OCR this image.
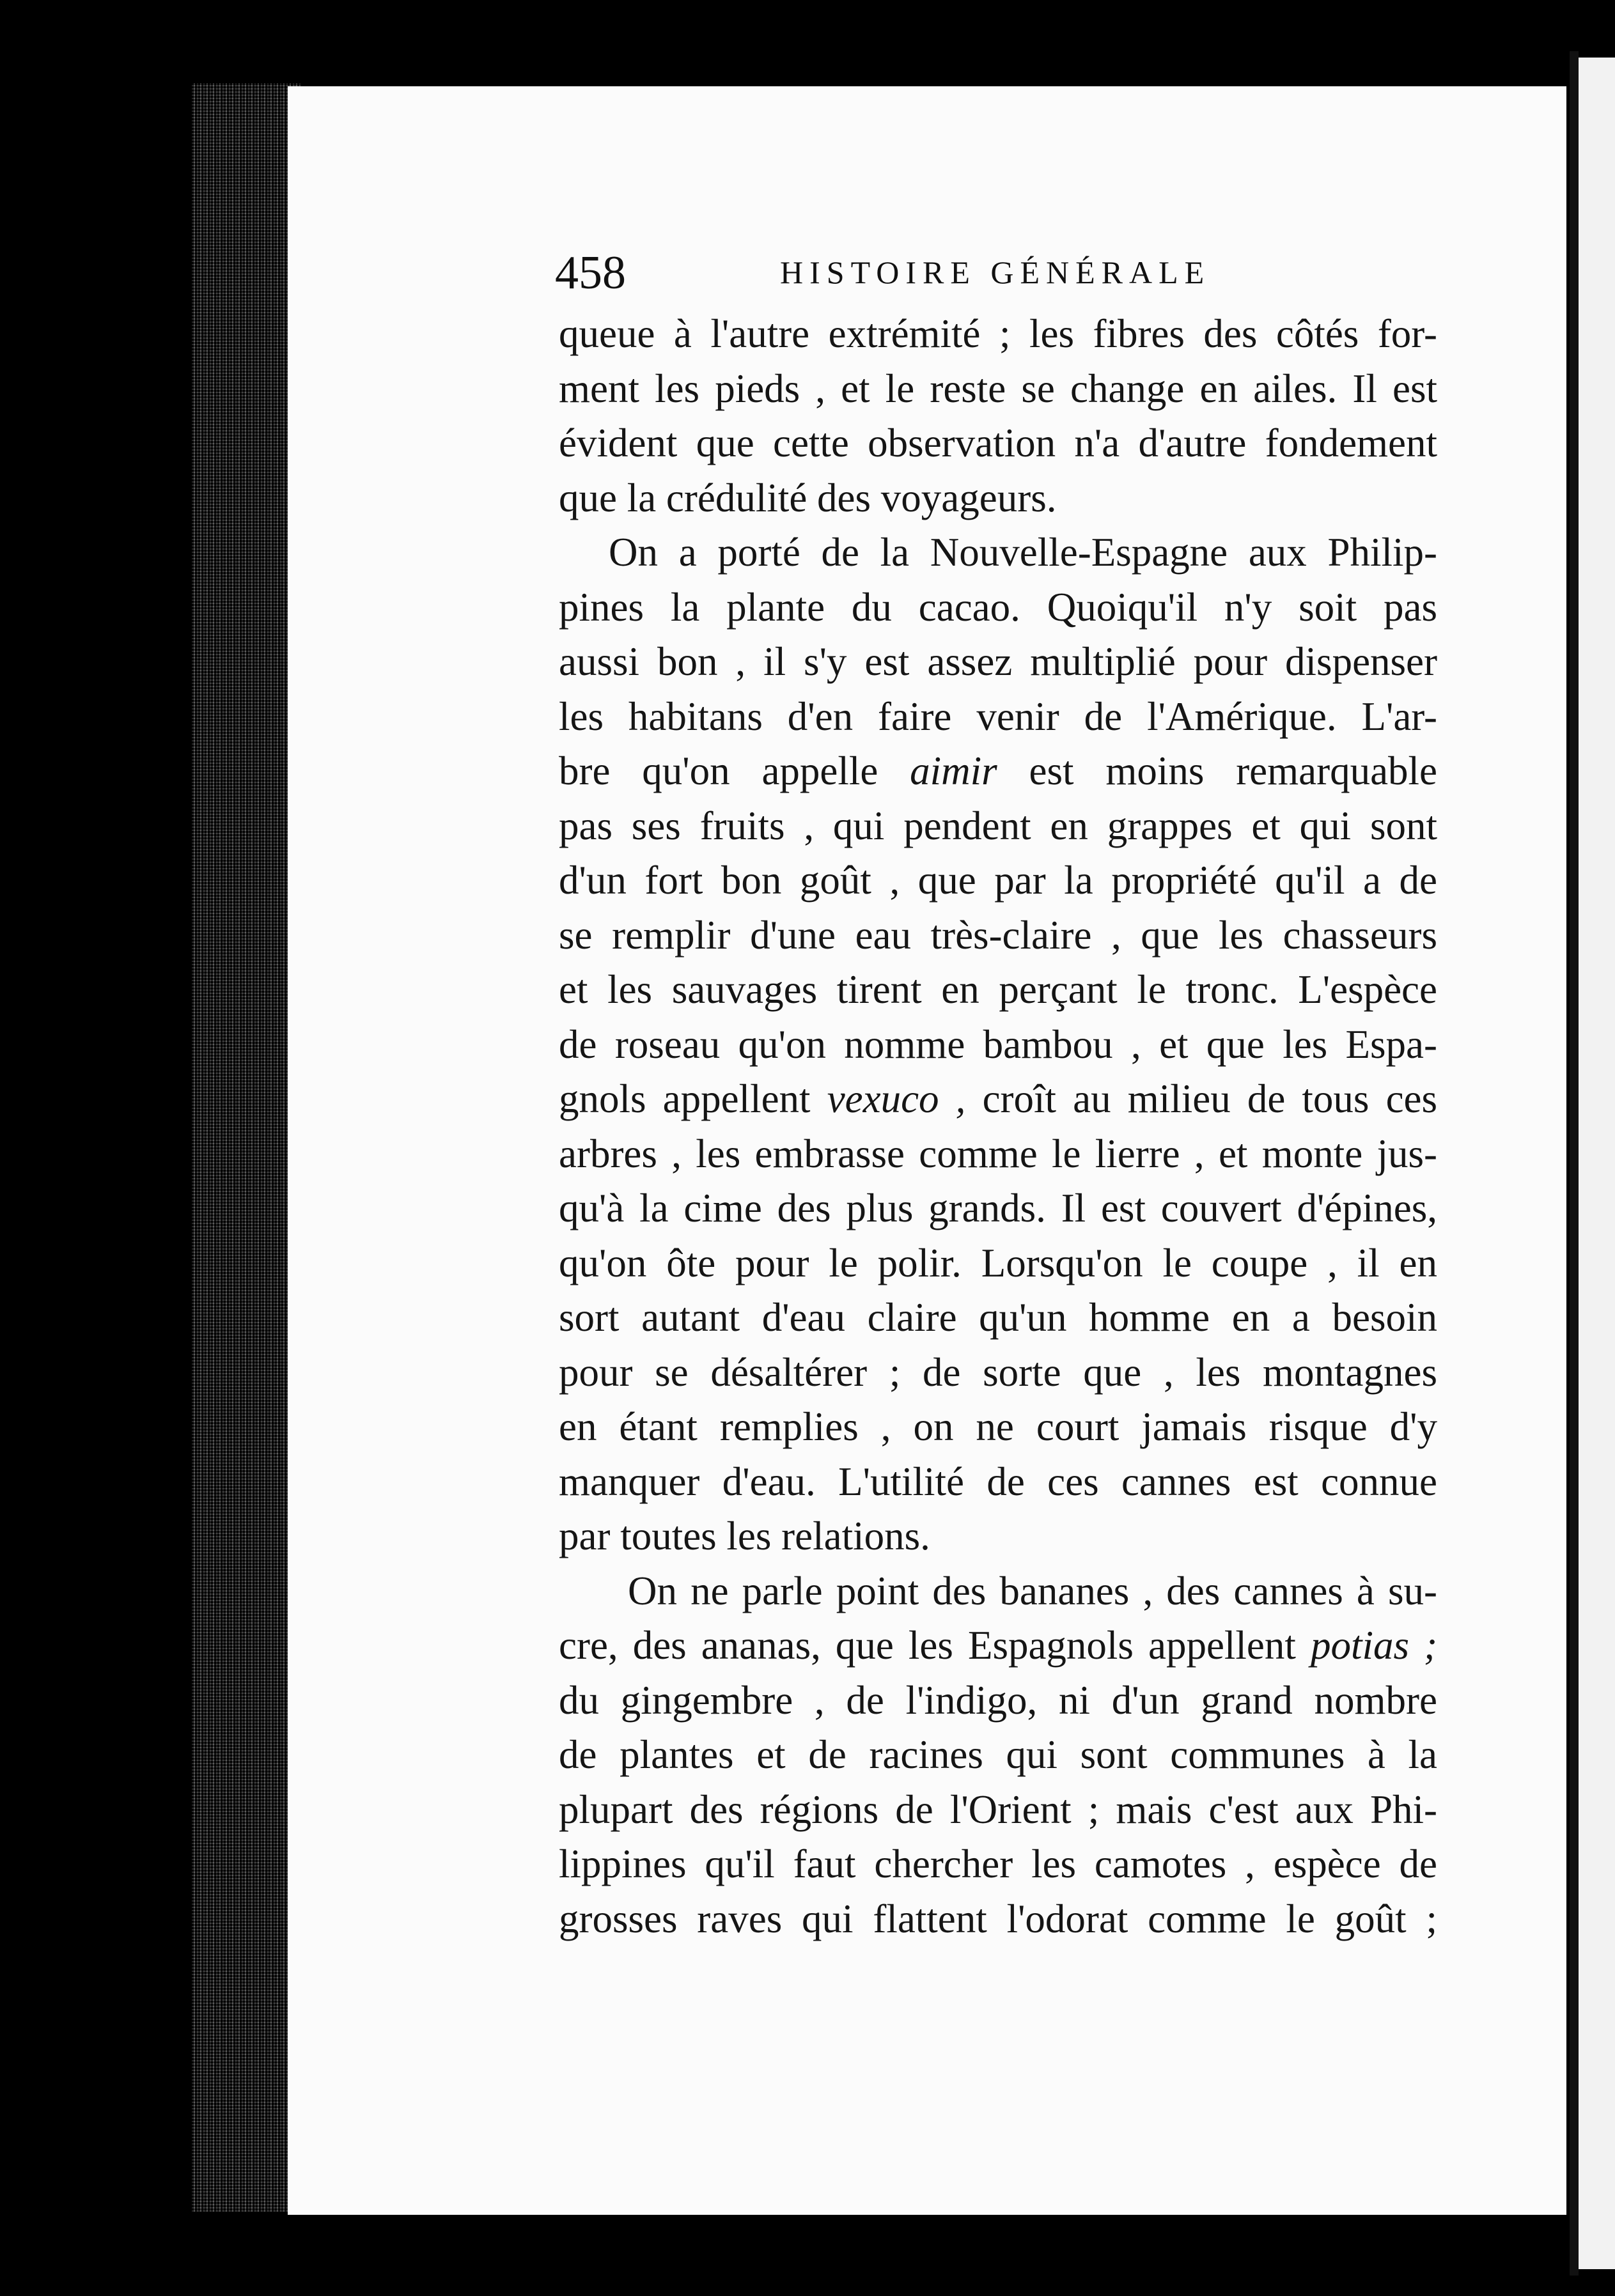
458	HISTOIRE GÉNÉRALE
queue à l'autre extrémité ; les fibres des côtés for-
ment les pieds , et le reste se change en ailes. Il est
évident que cette observation n'a d'autre fondement
que la crédulité des voyageurs.
On a porté de la Nouvelle-Espagne aux Philip-
pines la plante du cacao. Quoiqu'il n'y soit pas
aussi bon , il s'y est assez multiplié pour dispenser
les habitans d'en faire venir de l'Amérique. L'ar-
bre qu'on appelle aimir est moins remarquable
pas ses fruits , qui pendent en grappes et qui sont
d'un fort bon goût , que par la propriété qu'il a de
se remplir d'une eau très-claire , que les chasseurs
et les sauvages tirent en perçant le tronc. L'espèce
de roseau qu'on nomme bambou , et que les Espa-
gnols appellent vexuco , croît au milieu de tous ces
arbres , les embrasse comme le lierre , et monte jus-
qu'à la cime des plus grands. Il est couvert d'épines,
qu'on ôte pour le polir. Lorsqu'on le coupe , il en
sort autant d'eau claire qu'un homme en a besoin
pour se désaltérer ; de sorte que , les montagnes
en étant remplies , on ne court jamais risque d'y
manquer d'eau. L'utilité de ces cannes est connue
par toutes les relations.
On ne parle point des bananes , des cannes à su-
cre, des ananas, que les Espagnols appellent potias ;
du gingembre , de l'indigo, ni d'un grand nombre
de plantes et de racines qui sont communes à la
plupart des régions de l'Orient ; mais c'est aux Phi-
lippines qu'il faut chercher les camotes , espèce de
grosses raves qui flattent l'odorat comme le goût ;
